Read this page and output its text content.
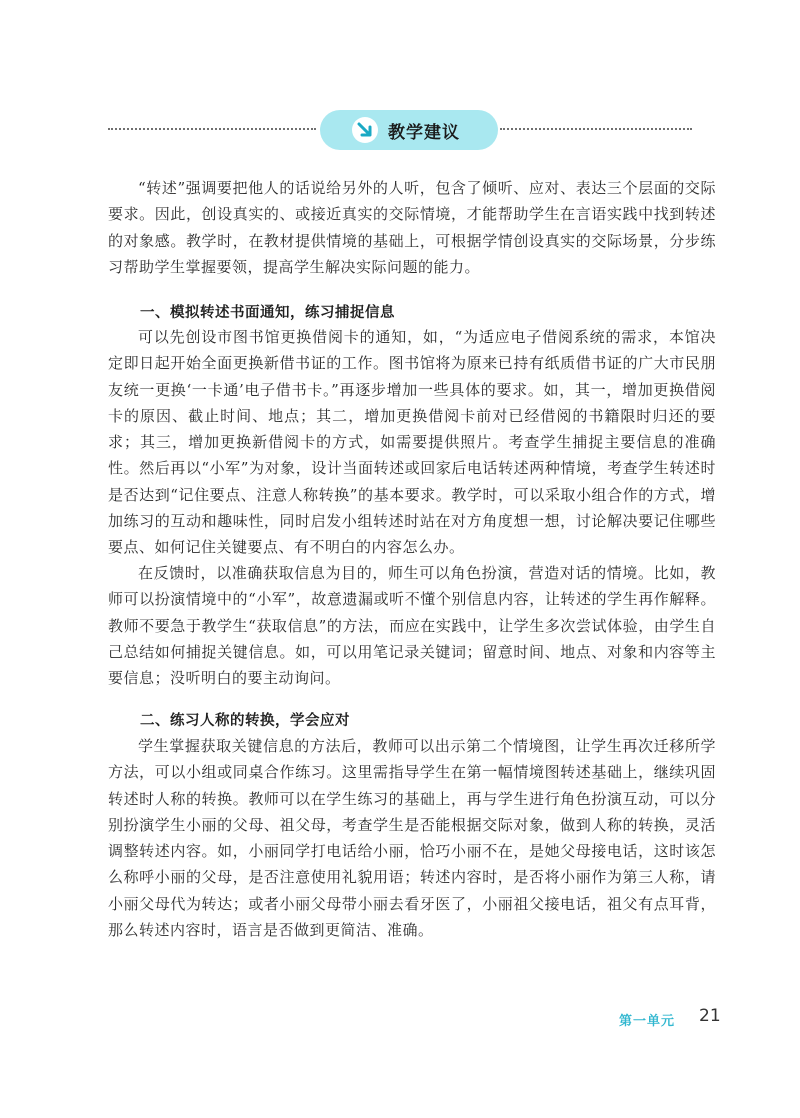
教学建议

“转述”强调要把他人的话说给另外的人听，包含了倾听、应对、表达三个层面的交际要求。因此，创设真实的、或接近真实的交际情境，才能帮助学生在言语实践中找到转述的对象感。教学时，在教材提供情境的基础上，可根据学情创设真实的交际场景，分步练习帮助学生掌握要领，提高学生解决实际问题的能力。

一、模拟转述书面通知，练习捕捉信息

可以先创设市图书馆更换借阅卡的通知，如，“为适应电子借阅系统的需求，本馆决定即日起开始全面更换新借书证的工作。图书馆将为原来已持有纸质借书证的广大市民朋友统一更换‘一卡通’电子借书卡。”再逐步增加一些具体的要求。如，其一，增加更换借阅卡的原因、截止时间、地点；其二，增加更换借阅卡前对已经借阅的书籍限时归还的要求；其三，增加更换新借阅卡的方式，如需要提供照片。考查学生捕捉主要信息的准确性。然后再以“小军”为对象，设计当面转述或回家后电话转述两种情境，考查学生转述时是否达到“记住要点、注意人称转换”的基本要求。教学时，可以采取小组合作的方式，增加练习的互动和趣味性，同时启发小组转述时站在对方角度想一想，讨论解决要记住哪些要点、如何记住关键要点、有不明白的内容怎么办。

在反馈时，以准确获取信息为目的，师生可以角色扮演，营造对话的情境。比如，教师可以扮演情境中的“小军”，故意遗漏或听不懂个别信息内容，让转述的学生再作解释。教师不要急于教学生“获取信息”的方法，而应在实践中，让学生多次尝试体验，由学生自己总结如何捕捉关键信息。如，可以用笔记录关键词；留意时间、地点、对象和内容等主要信息；没听明白的要主动询问。

二、练习人称的转换，学会应对

学生掌握获取关键信息的方法后，教师可以出示第二个情境图，让学生再次迁移所学方法，可以小组或同桌合作练习。这里需指导学生在第一幅情境图转述基础上，继续巩固转述时人称的转换。教师可以在学生练习的基础上，再与学生进行角色扮演互动，可以分别扮演学生小丽的父母、祖父母，考查学生是否能根据交际对象，做到人称的转换，灵活调整转述内容。如，小丽同学打电话给小丽，恰巧小丽不在，是她父母接电话，这时该怎么称呼小丽的父母，是否注意使用礼貌用语；转述内容时，是否将小丽作为第三人称，请小丽父母代为转达；或者小丽父母带小丽去看牙医了，小丽祖父接电话，祖父有点耳背，那么转述内容时，语言是否做到更简洁、准确。

第一单元 21
